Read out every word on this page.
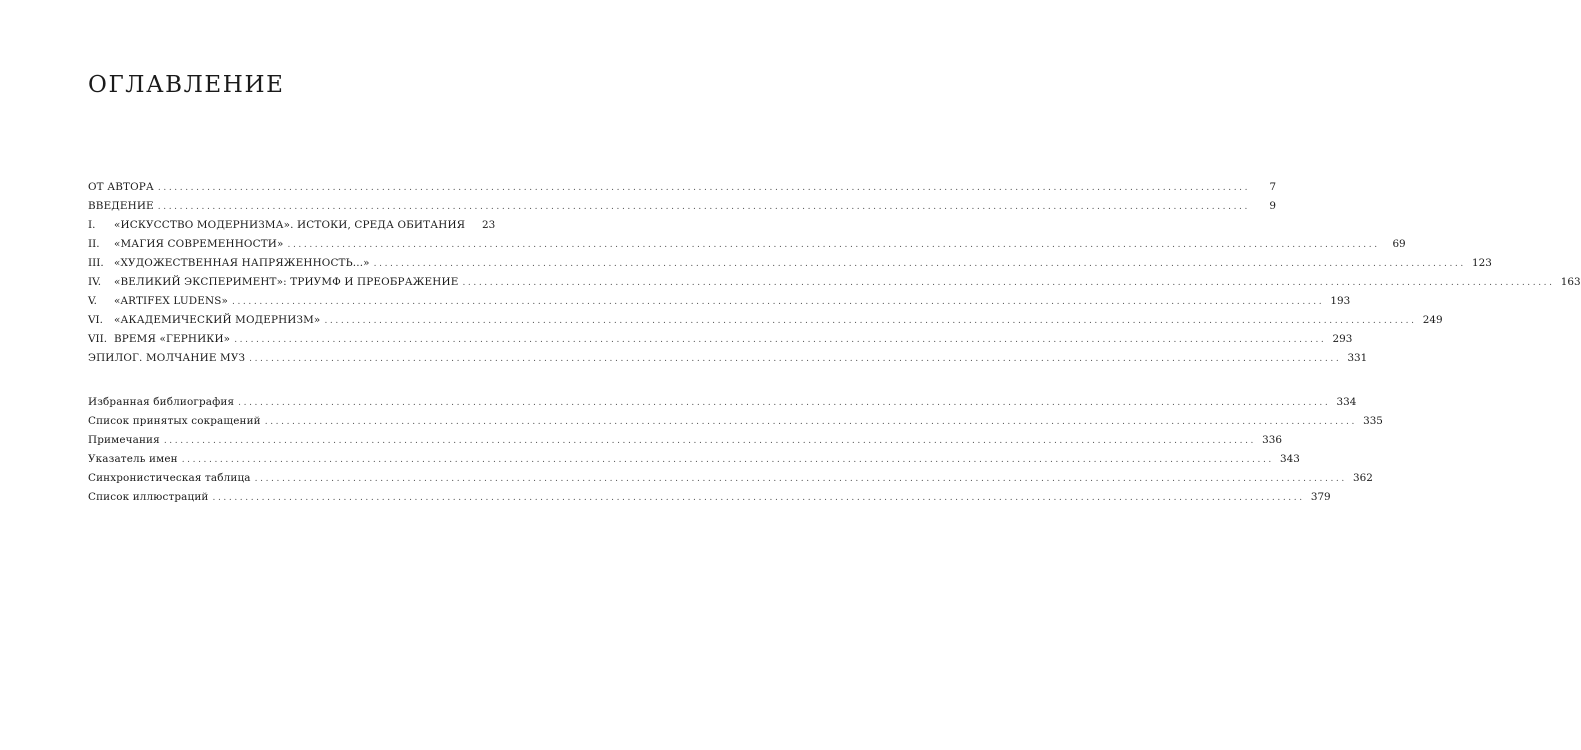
ОГЛАВЛЕНИЕ
ОТ АВТОРА ........................................................................................................................................................................................................	7
ВВЕДЕНИЕ ........................................................................................................................................................................................................	9
I.	«ИСКУССТВО МОДЕРНИЗМА». ИСТОКИ, СРЕДА ОБИТАНИЯ	23
II.	«МАГИЯ СОВРЕМЕННОСТИ» ........................................................................................................................................................................................................	69
III. «ХУДОЖЕСТВЕННАЯ НАПРЯЖЕННОСТЬ...» ........................................................................................................................................................................................................ 123
IV.	«ВЕЛИКИЙ ЭКСПЕРИМЕНТ»: ТРИУМФ И ПРЕОБРАЖЕНИЕ ........................................................................................................................................................................................................ 163
V.	«ARTIFEX LUDENS» ........................................................................................................................................................................................................ 193
VI.	«АКАДЕМИЧЕСКИЙ МОДЕРНИЗМ» ........................................................................................................................................................................................................ 249
VII. ВРЕМЯ «ГЕРНИКИ» ........................................................................................................................................................................................................ 293
ЭПИЛОГ. МОЛЧАНИЕ МУЗ ........................................................................................................................................................................................................ 331
Избранная библиография ........................................................................................................................................................................................................ 334
Список принятых сокращений ........................................................................................................................................................................................................ 335
Примечания ........................................................................................................................................................................................................ 336
Указатель имен ........................................................................................................................................................................................................ 343
Синхронистическая таблица ........................................................................................................................................................................................................ 362
Список иллюстраций ........................................................................................................................................................................................................ 379
